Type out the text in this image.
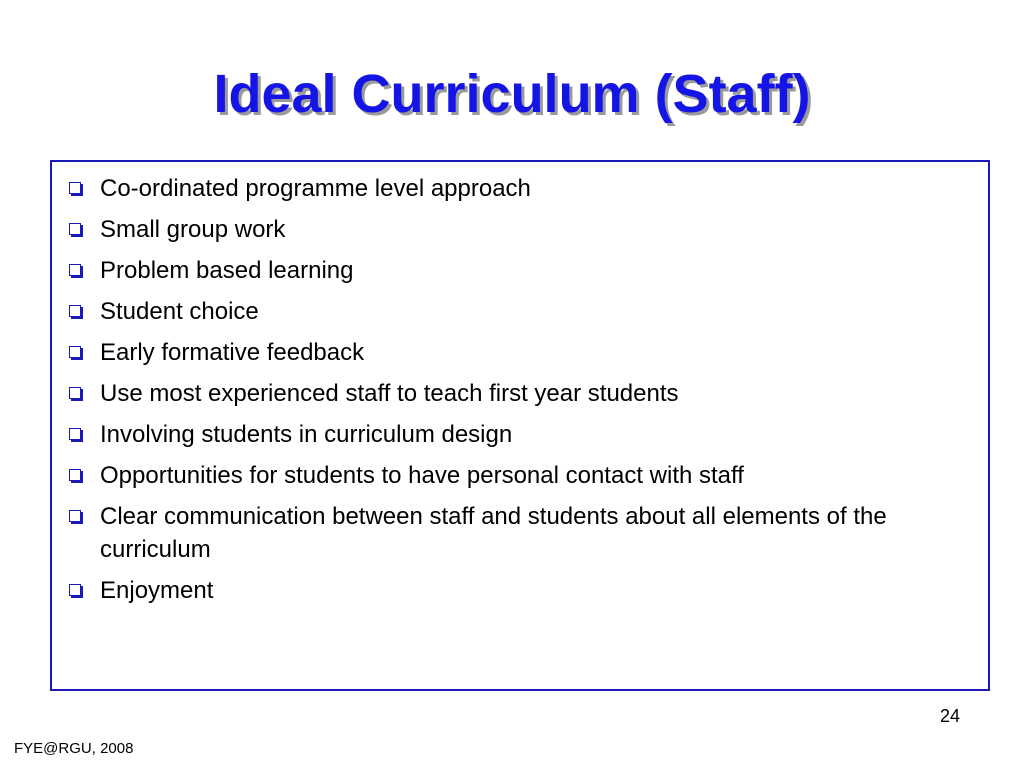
Ideal Curriculum (Staff)
Co-ordinated programme level approach
Small group work
Problem based learning
Student choice
Early formative feedback
Use most experienced staff to teach first year students
Involving students in curriculum design
Opportunities for students to have personal contact with staff
Clear communication between staff and students about all elements of the curriculum
Enjoyment
24
FYE@RGU, 2008
